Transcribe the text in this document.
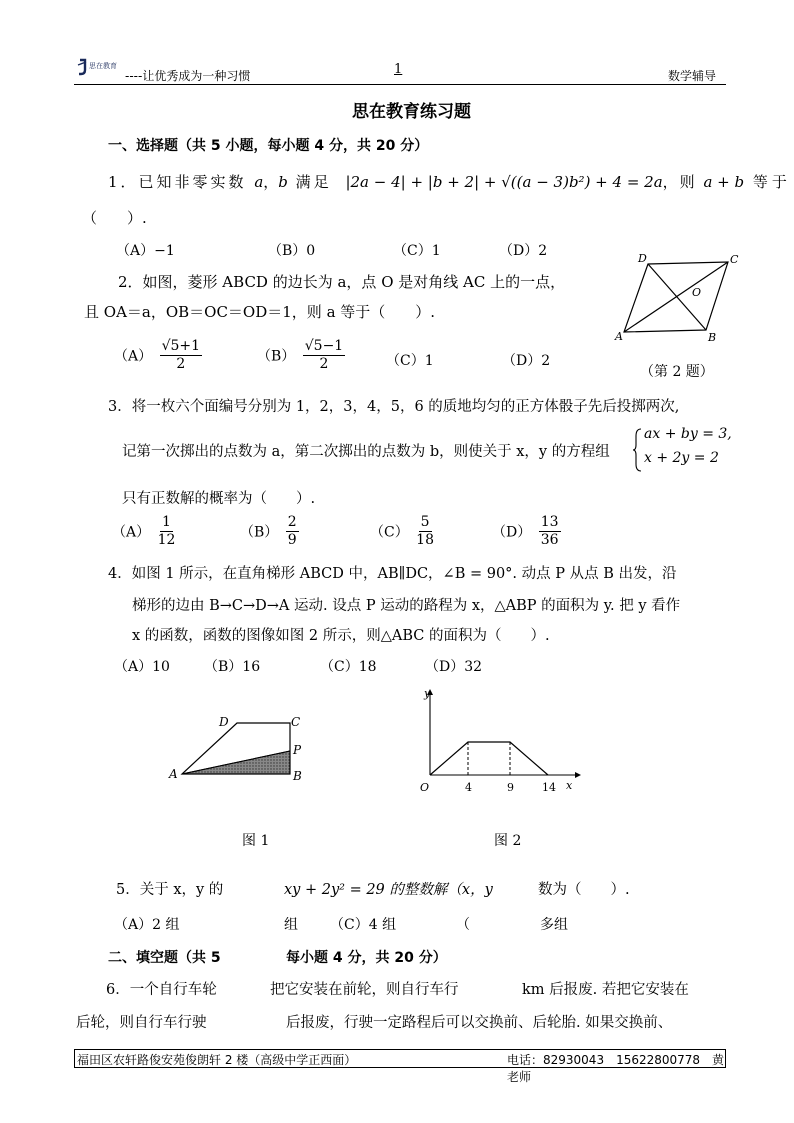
思在教育
----让优秀成为一种习惯	1	数学辅导
思在教育练习题
一、选择题（共 5 小题，每小题 4 分，共 20 分）
1．已知非零实数 a，b 满足 |2a − 4| + |b + 2| + √((a − 3)b²) + 4 = 2a，则 a + b 等于
（　　）.
（A）−1	（B）0	（C）1	（D）2
2．如图，菱形 ABCD 的边长为 a，点 O 是对角线 AC 上的一点，
且 OA＝a，OB＝OC＝OD＝1，则 a 等于（　　）.
$(A) \frac{√5+1}{2}$	$(B) \frac{√5-1}{2}$	（C）1	（D）2
D	C
O
A	B
（第 2 题）
3．将一枚六个面编号分别为 1，2，3，4，5，6 的质地均匀的正方体骰子先后投掷两次,
记第一次掷出的点数为 a，第二次掷出的点数为 b，则使关于 x，y 的方程组
ax + by = 3,
x + 2y = 2
只有正数解的概率为（　　）.
$(A) \frac{1}{12}$	$(B) \frac{2}{9}$	$(C) \frac{5}{18}$	$(D) \frac{13}{36}$
4．如图 1 所示，在直角梯形 ABCD 中，AB∥DC，∠B = 90°. 动点 P 从点 B 出发，沿
梯形的边由 B→C→D→A 运动. 设点 P 运动的路程为 x，△ABP 的面积为 y. 把 y 看作
x 的函数，函数的图像如图 2 所示，则△ABC 的面积为（　　）.
（A）10 （B）16	（C）18	（D）32
D	C
P
A	B
图 1
y
x
O	4	9	14
图 2
5．关于 x，y 的	xy + 2y² = 29 的整数解（x，y	数为（　　）.
（A）2 组	组 （C）4 组	（	多组
二、填空题（共 5	每小题 4 分，共 20 分）
6．一个自行车轮	把它安装在前轮，则自行车行	km 后报废. 若把它安装在
后轮，则自行车行驶	后报废，行驶一定路程后可以交换前、后轮胎. 如果交换前、
福田区农轩路俊安苑俊朗轩 2 楼（高级中学正西面）	电话：82930043　15622800778　黄老师
